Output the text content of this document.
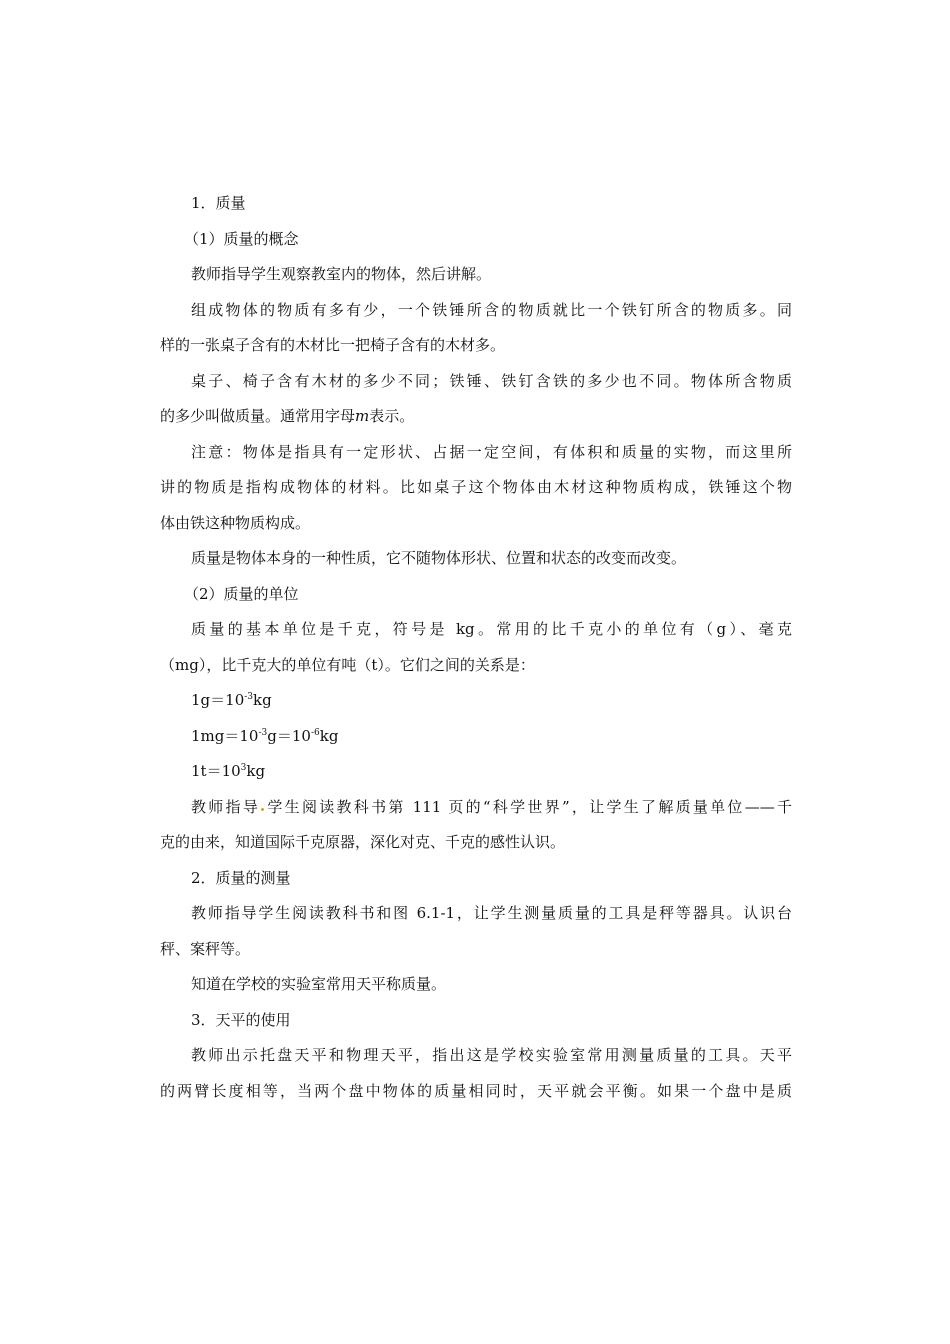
1．质量
（1）质量的概念
教师指导学生观察教室内的物体，然后讲解。
组成物体的物质有多有少，一个铁锤所含的物质就比一个铁钉所含的物质多。同
样的一张桌子含有的木材比一把椅子含有的木材多。
桌子、椅子含有木材的多少不同；铁锤、铁钉含铁的多少也不同。物体所含物质
的多少叫做质量。通常用字母m表示。
注意：物体是指具有一定形状、占据一定空间，有体积和质量的实物，而这里所
讲的物质是指构成物体的材料。比如桌子这个物体由木材这种物质构成，铁锤这个物
体由铁这种物质构成。
质量是物体本身的一种性质，它不随物体形状、位置和状态的改变而改变。
（2）质量的单位
质量的基本单位是千克，符号是 kg。常用的比千克小的单位有（g）、毫克
（mg），比千克大的单位有吨（t）。它们之间的关系是：
$1g=10^{-3}kg$
$1mg=10^{-3}g=10^{-6}kg$
$1t=10^3kg$
教师指导 学生阅读教科书第 111 页的“科学世界”，让学生了解质量单位——千
克的由来，知道国际千克原器，深化对克、千克的感性认识。
2．质量的测量
教师指导学生阅读教科书和图 6.1-1，让学生测量质量的工具是秤等器具。认识台
秤、案秤等。
知道在学校的实验室常用天平称质量。
3．天平的使用
教师出示托盘天平和物理天平，指出这是学校实验室常用测量质量的工具。天平
的两臂长度相等，当两个盘中物体的质量相同时，天平就会平衡。如果一个盘中是质
